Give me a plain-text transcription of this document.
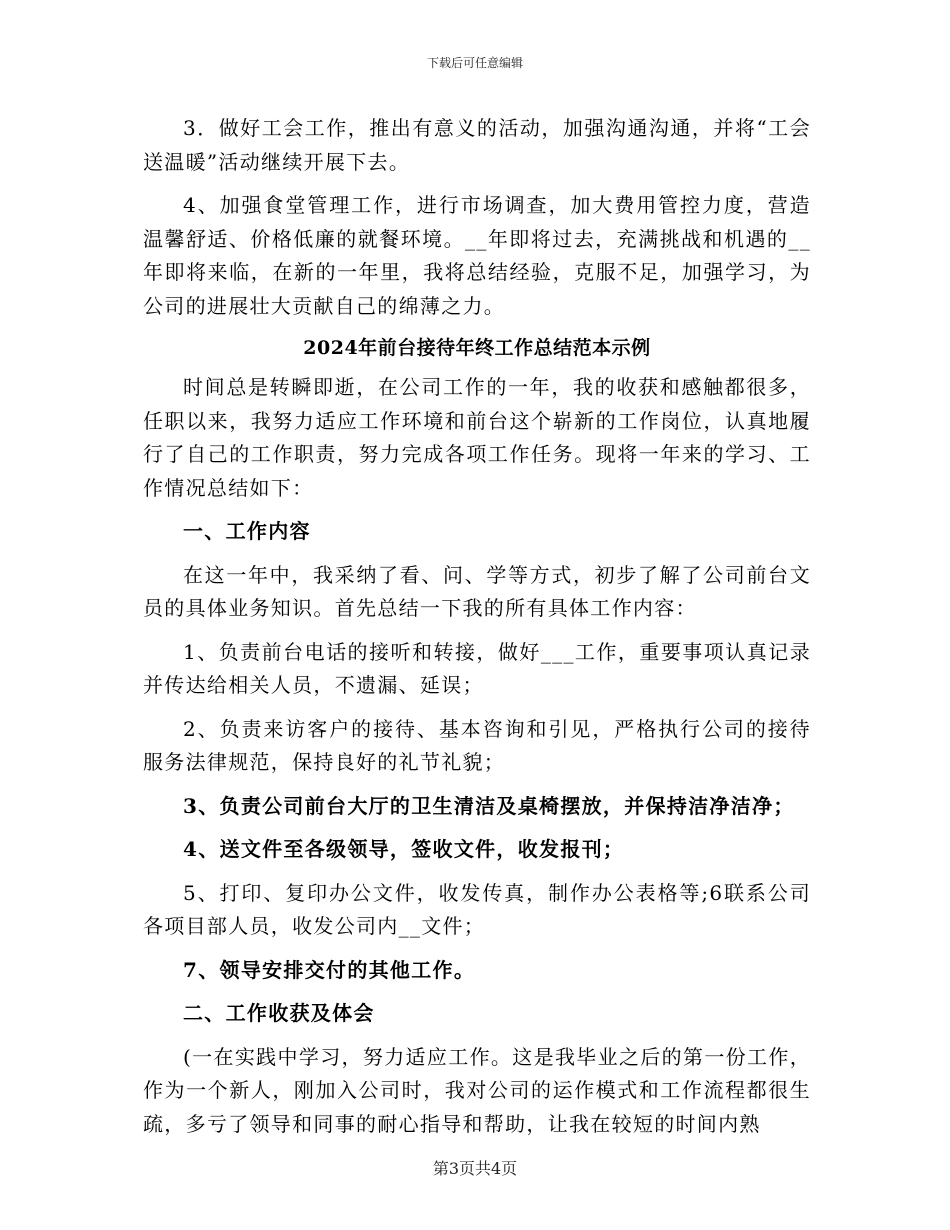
下载后可任意编辑

3．做好工会工作，推出有意义的活动，加强沟通沟通，并将“工会送温暖”活动继续开展下去。

4、加强食堂管理工作，进行市场调查，加大费用管控力度，营造温馨舒适、价格低廉的就餐环境。__年即将过去，充满挑战和机遇的__年即将来临，在新的一年里，我将总结经验，克服不足，加强学习，为公司的进展壮大贡献自己的绵薄之力。

2024年前台接待年终工作总结范本示例

时间总是转瞬即逝，在公司工作的一年，我的收获和感触都很多，任职以来，我努力适应工作环境和前台这个崭新的工作岗位，认真地履行了自己的工作职责，努力完成各项工作任务。现将一年来的学习、工作情况总结如下：

一、工作内容

在这一年中，我采纳了看、问、学等方式，初步了解了公司前台文员的具体业务知识。首先总结一下我的所有具体工作内容：

1、负责前台电话的接听和转接，做好___工作，重要事项认真记录并传达给相关人员，不遗漏、延误；

2、负责来访客户的接待、基本咨询和引见，严格执行公司的接待服务法律规范，保持良好的礼节礼貌；

3、负责公司前台大厅的卫生清洁及桌椅摆放，并保持洁净洁净；

4、送文件至各级领导，签收文件，收发报刊；

5、打印、复印办公文件，收发传真，制作办公表格等;6联系公司各项目部人员，收发公司内__文件；

7、领导安排交付的其他工作。

二、工作收获及体会

(一在实践中学习，努力适应工作。这是我毕业之后的第一份工作，作为一个新人，刚加入公司时，我对公司的运作模式和工作流程都很生疏，多亏了领导和同事的耐心指导和帮助，让我在较短的时间内熟

第3页共4页
